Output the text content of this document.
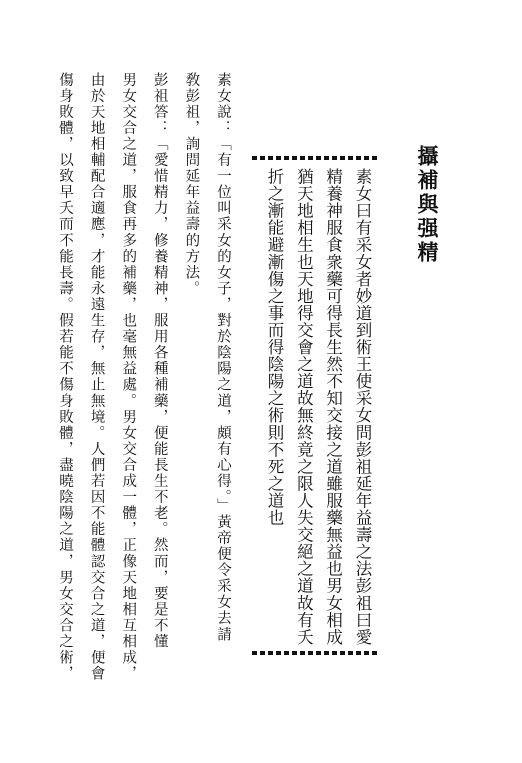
攝補與强精

素女曰有采女者妙道到術王使采女問彭祖延年益壽之法彭祖曰愛

精養神服食衆藥可得長生然不知交接之道雖服藥無益也男女相成

猶天地相生也天地得交會之道故無終竟之限人失交絕之道故有夭

折之漸能避漸傷之事而得陰陽之術則不死之道也

素女說：「有一位叫采女的女子，對於陰陽之道，頗有心得。」黃帝便令采女去請

敎彭祖，詢問延年益壽的方法。

彭祖答：「愛惜精力，修養精神，服用各種補藥，便能長生不老。然而，要是不懂

男女交合之道，服食再多的補藥，也毫無益處。男女交合成一體，正像天地相互相成，

由於天地相輔配合適應，才能永遠生存，無止無境。人們若因不能體認交合之道，便會

傷身敗體，以致早夭而不能長壽。假若能不傷身敗體，盡曉陰陽之道，男女交合之術，
